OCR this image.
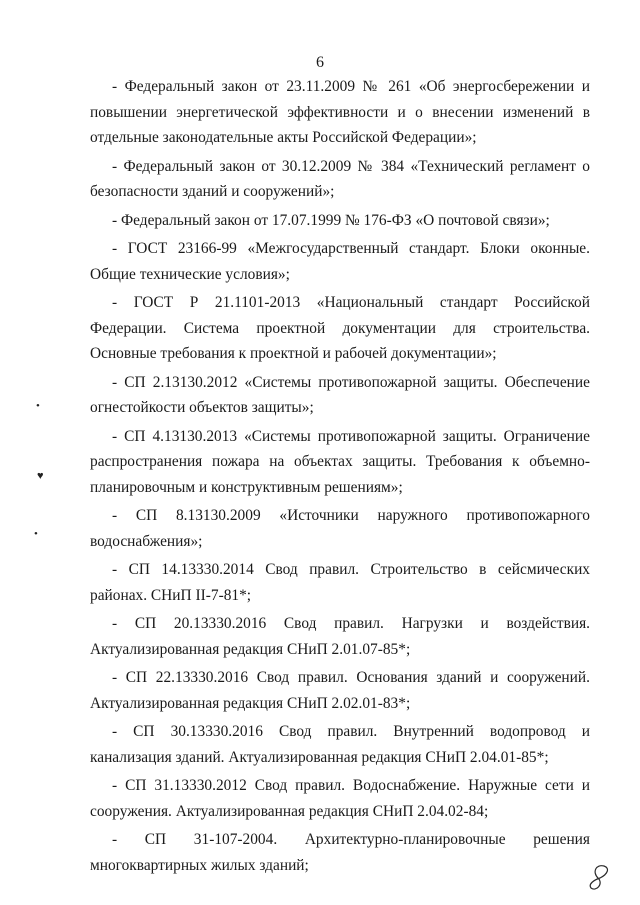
6

- Федеральный закон от 23.11.2009 № 261 «Об энергосбережении и повышении энергетической эффективности и о внесении изменений в отдельные законодательные акты Российской Федерации»;

- Федеральный закон от 30.12.2009 № 384 «Технический регламент о безопасности зданий и сооружений»;

- Федеральный закон от 17.07.1999 № 176-ФЗ «О почтовой связи»;

- ГОСТ 23166-99 «Межгосударственный стандарт. Блоки оконные. Общие технические условия»;

- ГОСТ Р 21.1101-2013 «Национальный стандарт Российской Федерации. Система проектной документации для строительства. Основные требования к проектной и рабочей документации»;

- СП 2.13130.2012 «Системы противопожарной защиты. Обеспечение огнестойкости объектов защиты»;

- СП 4.13130.2013 «Системы противопожарной защиты. Ограничение распространения пожара на объектах защиты. Требования к объемно-планировочным и конструктивным решениям»;

- СП 8.13130.2009 «Источники наружного противопожарного водоснабжения»;

- СП 14.13330.2014 Свод правил. Строительство в сейсмических районах. СНиП II-7-81*;

- СП 20.13330.2016 Свод правил. Нагрузки и воздействия. Актуализированная редакция СНиП 2.01.07-85*;

- СП 22.13330.2016 Свод правил. Основания зданий и сооружений. Актуализированная редакция СНиП 2.02.01-83*;

- СП 30.13330.2016 Свод правил. Внутренний водопровод и канализация зданий. Актуализированная редакция СНиП 2.04.01-85*;

- СП 31.13330.2012 Свод правил. Водоснабжение. Наружные сети и сооружения. Актуализированная редакция СНиП 2.04.02-84;

- СП 31-107-2004. Архитектурно-планировочные решения многоквартирных жилых зданий;

•
♥
•
